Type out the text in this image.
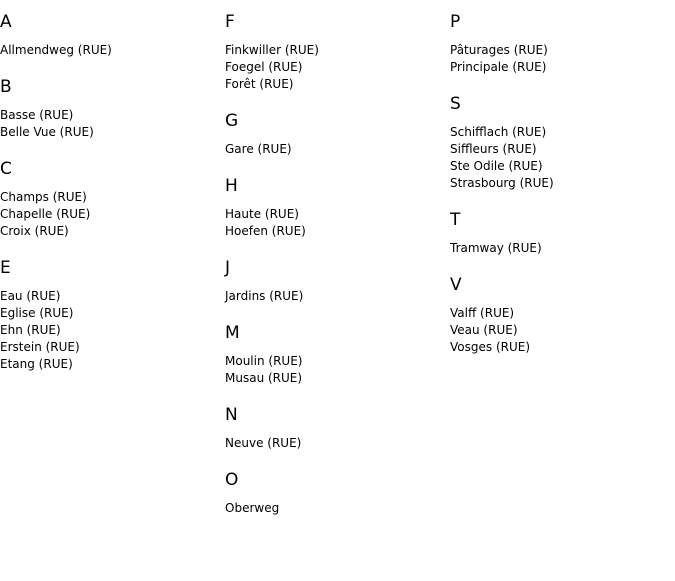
A
Allmendweg (RUE)
B
Basse (RUE)
Belle Vue (RUE)
C
Champs (RUE)
Chapelle (RUE)
Croix (RUE)
E
Eau (RUE)
Eglise (RUE)
Ehn (RUE)
Erstein (RUE)
Etang (RUE)
F
Finkwiller (RUE)
Foegel (RUE)
Forêt (RUE)
G
Gare (RUE)
H
Haute (RUE)
Hoefen (RUE)
J
Jardins (RUE)
M
Moulin (RUE)
Musau (RUE)
N
Neuve (RUE)
O
Oberweg
P
Pâturages (RUE)
Principale (RUE)
S
Schifflach (RUE)
Siffleurs (RUE)
Ste Odile (RUE)
Strasbourg (RUE)
T
Tramway (RUE)
V
Valff (RUE)
Veau (RUE)
Vosges (RUE)
